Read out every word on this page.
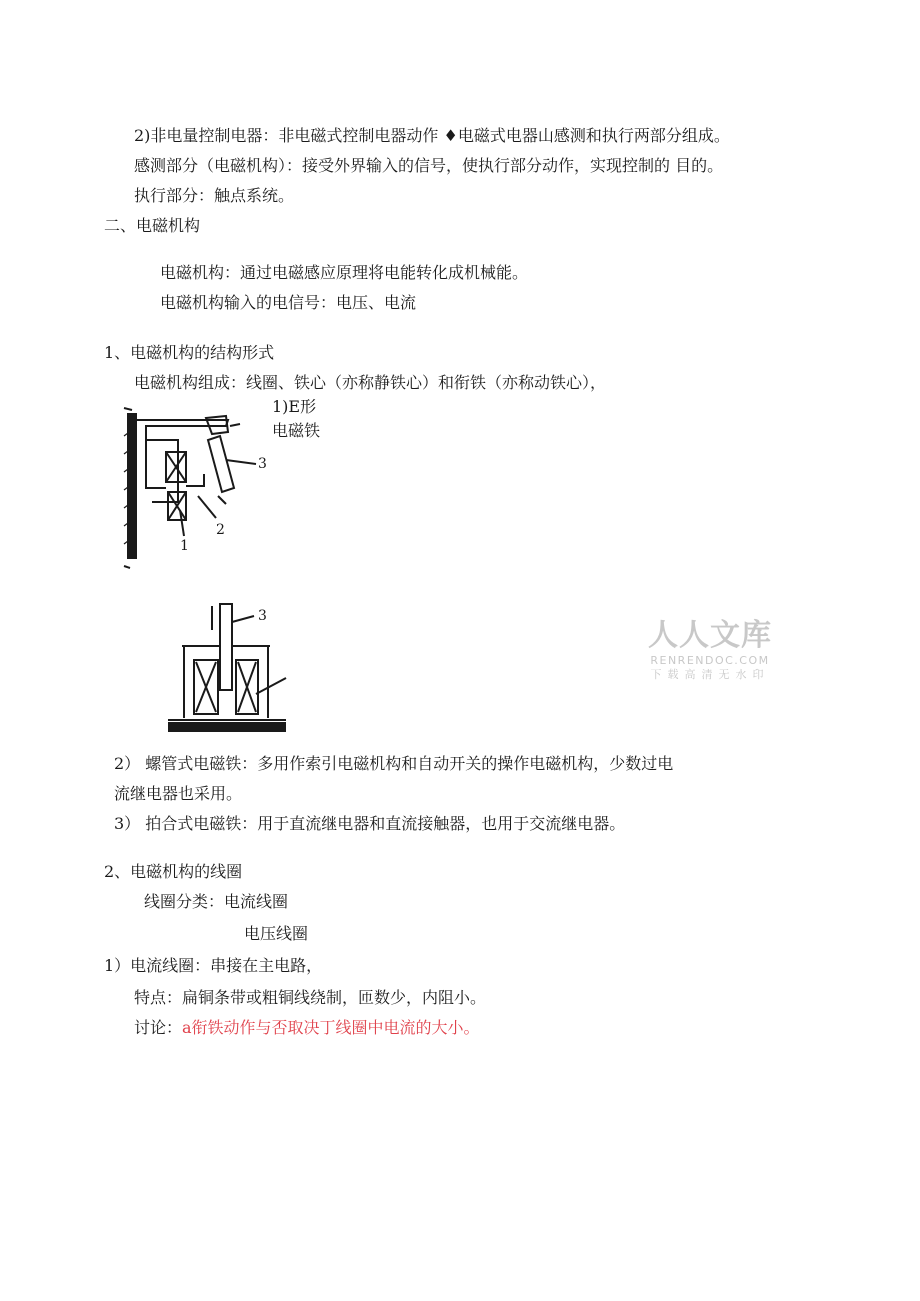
2)非电量控制电器：非电磁式控制电器动作 ♦电磁式电器山感测和执行两部分组成。
感测部分（电磁机构）：接受外界输入的信号，使执行部分动作，实现控制的 目的。
执行部分：触点系统。
二、电磁机构
电磁机构：通过电磁感应原理将电能转化成机械能。
电磁机构输入的电信号：电压、电流
1、电磁机构的结构形式
电磁机构组成：线圈、铁心（亦称静铁心）和衔铁（亦称动铁心），
1)E形
电磁铁
3
2
1
3
人人文库
RENRENDOC.COM
下载高清无水印
2） 螺管式电磁铁：多用作索引电磁机构和自动开关的操作电磁机构，少数过电
流继电器也采用。
3） 拍合式电磁铁：用于直流继电器和直流接触器，也用于交流继电器。
2、电磁机构的线圈
线圈分类：电流线圈
电压线圈
1）电流线圈：串接在主电路，
特点：扁铜条带或粗铜线绕制，匝数少，内阻小。
讨论：a衔铁动作与否取决丁线圈中电流的大小。
